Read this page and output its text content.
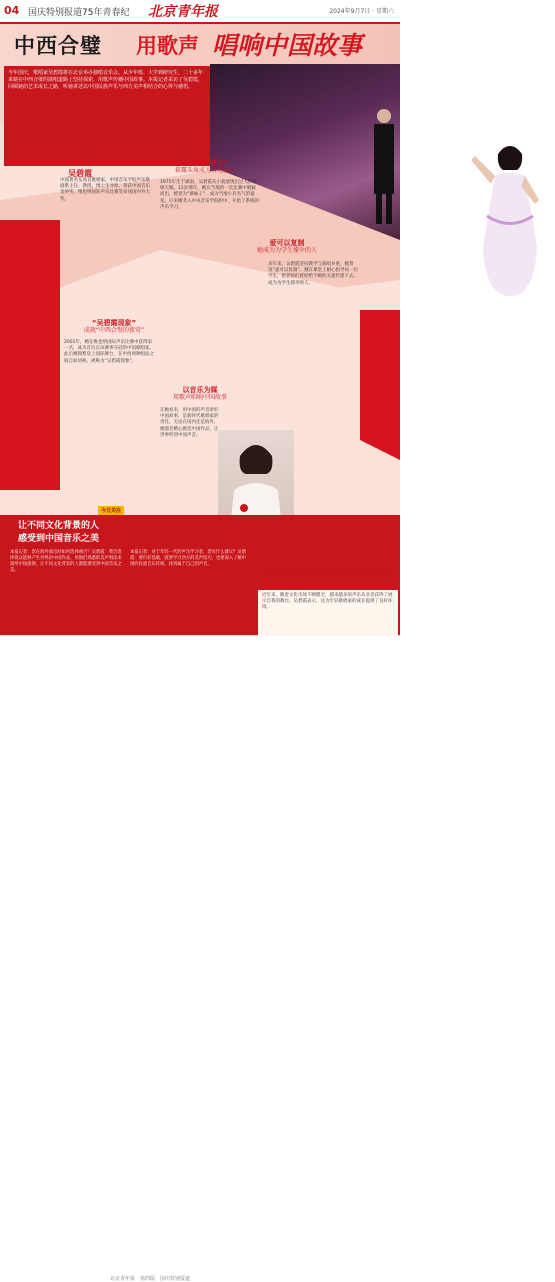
04 国庆特别报道75年青春纪 北京青年报	2024年9月7日 · 星期六
中西合璧 用歌声 唱响中国故事
今年国庆，歌唱家吴碧霞将在北京举办独唱音乐会。从少年班、大学到研究生，二十多年来她在中西合璧的演唱道路上坚持探索，用歌声传播中国故事。本报记者采访了吴碧霞，回顾她的艺术成长之路，听她讲述以中国民族声乐与西方美声相结合的心得与感悟。
吴碧霞
中国著名女高音歌唱家，中国音乐学院声乐歌剧系主任、教授，博士生导师。曾获中国音乐金钟奖、维也纳国际声乐比赛等多项国内外大奖。
12岁“摘妹子”
崭露头角成为当地童星
1975年生于湖南，吴碧霞从小就展现出过人的歌唱天赋。12岁那年，她在当地的一次比赛中脱颖而出，被誉为“摘妹子”，成为当地小有名气的童星。后来她考入中央音乐学院附中，开始了系统的声乐学习。
爱可以复制
她成为为学生撑伞的人
多年来，吴碧霞坚持教学与演唱并重，她常说“爱可以复制”。她在课堂上耐心指导每一位学生，把老师们曾经给予她的关爱传递下去，成为为学生撑伞的人。
“吴碧霞现象”
成就“中西合璧的夜莺”
2001年，她在维也纳国际声乐比赛中获得第一名，成为首位在该赛事夺冠的中国歌唱家。此后她频繁登上国际舞台，在中西两种唱法之间自如切换，被称为“吴碧霞现象”。
以音乐为媒
用歌声唱响中国故事
在她看来，用中国的声音讲好中国故事，是新时代歌唱家的责任。无论在国内还是海外，她都会精心挑选中国作品，让世界听到中国声音。
今日关注
让不同文化背景的人
感受到中国音乐之美
本报记者：您在海外演出时如何选择曲目？吴碧霞：我会选择观众能够产生共鸣的中国作品，用他们熟悉的美声唱法来演绎中国旋律，让不同文化背景的人都能感受到中国音乐之美。
本报记者：对于年轻一代的声乐学习者，您有什么建议？吴碧霞：要打好基础，既要学习西方的美声技巧，也要深入了解中国的民族音乐传统，找到属于自己的声音。
文化市场逐步健全 从业者有更多机会展现作品
近年来，随着文化市场不断健全，越来越多的声乐从业者获得了展示自我的舞台。吴碧霞表示，这为年轻歌唱家的成长提供了良好环境。
北京青年报　第四版　国庆特别报道
